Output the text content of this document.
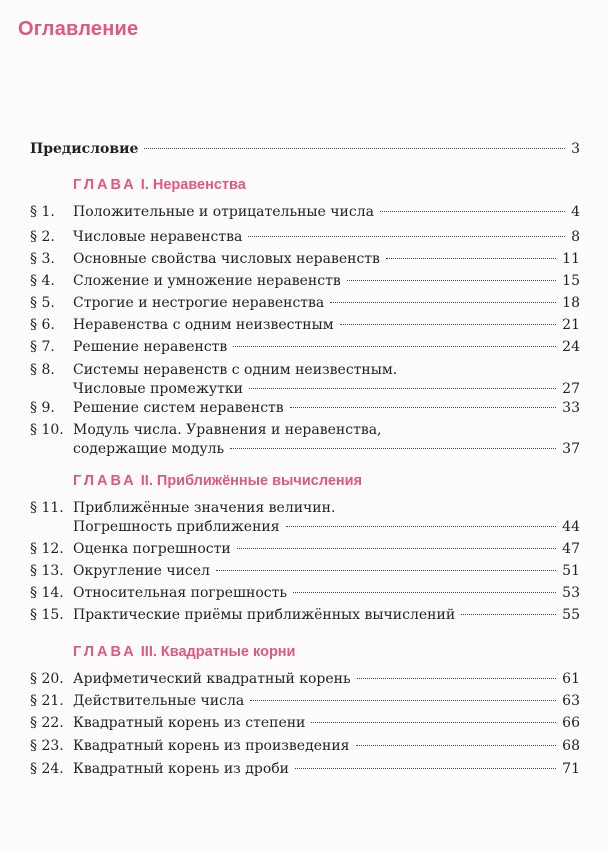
Оглавление
Предисловие	3
ГЛАВА I. Неравенства
§ 1. Положительные и отрицательные числа	4
§ 2. Числовые неравенства	8
§ 3. Основные свойства числовых неравенств	11
§ 4. Сложение и умножение неравенств	15
§ 5. Строгие и нестрогие неравенства	18
§ 6. Неравенства с одним неизвестным	21
§ 7. Решение неравенств	24
§ 8. Системы неравенств с одним неизвестным.
Числовые промежутки	27
§ 9. Решение систем неравенств	33
§ 10. Модуль числа. Уравнения и неравенства,
содержащие модуль	37
ГЛАВА II. Приближённые вычисления
§ 11. Приближённые значения величин.
Погрешность приближения	44
§ 12. Оценка погрешности	47
§ 13. Округление чисел	51
§ 14. Относительная погрешность	53
§ 15. Практические приёмы приближённых вычислений	55
ГЛАВА III. Квадратные корни
§ 20. Арифметический квадратный корень	61
§ 21. Действительные числа	63
§ 22. Квадратный корень из степени	66
§ 23. Квадратный корень из произведения	68
§ 24. Квадратный корень из дроби	71
